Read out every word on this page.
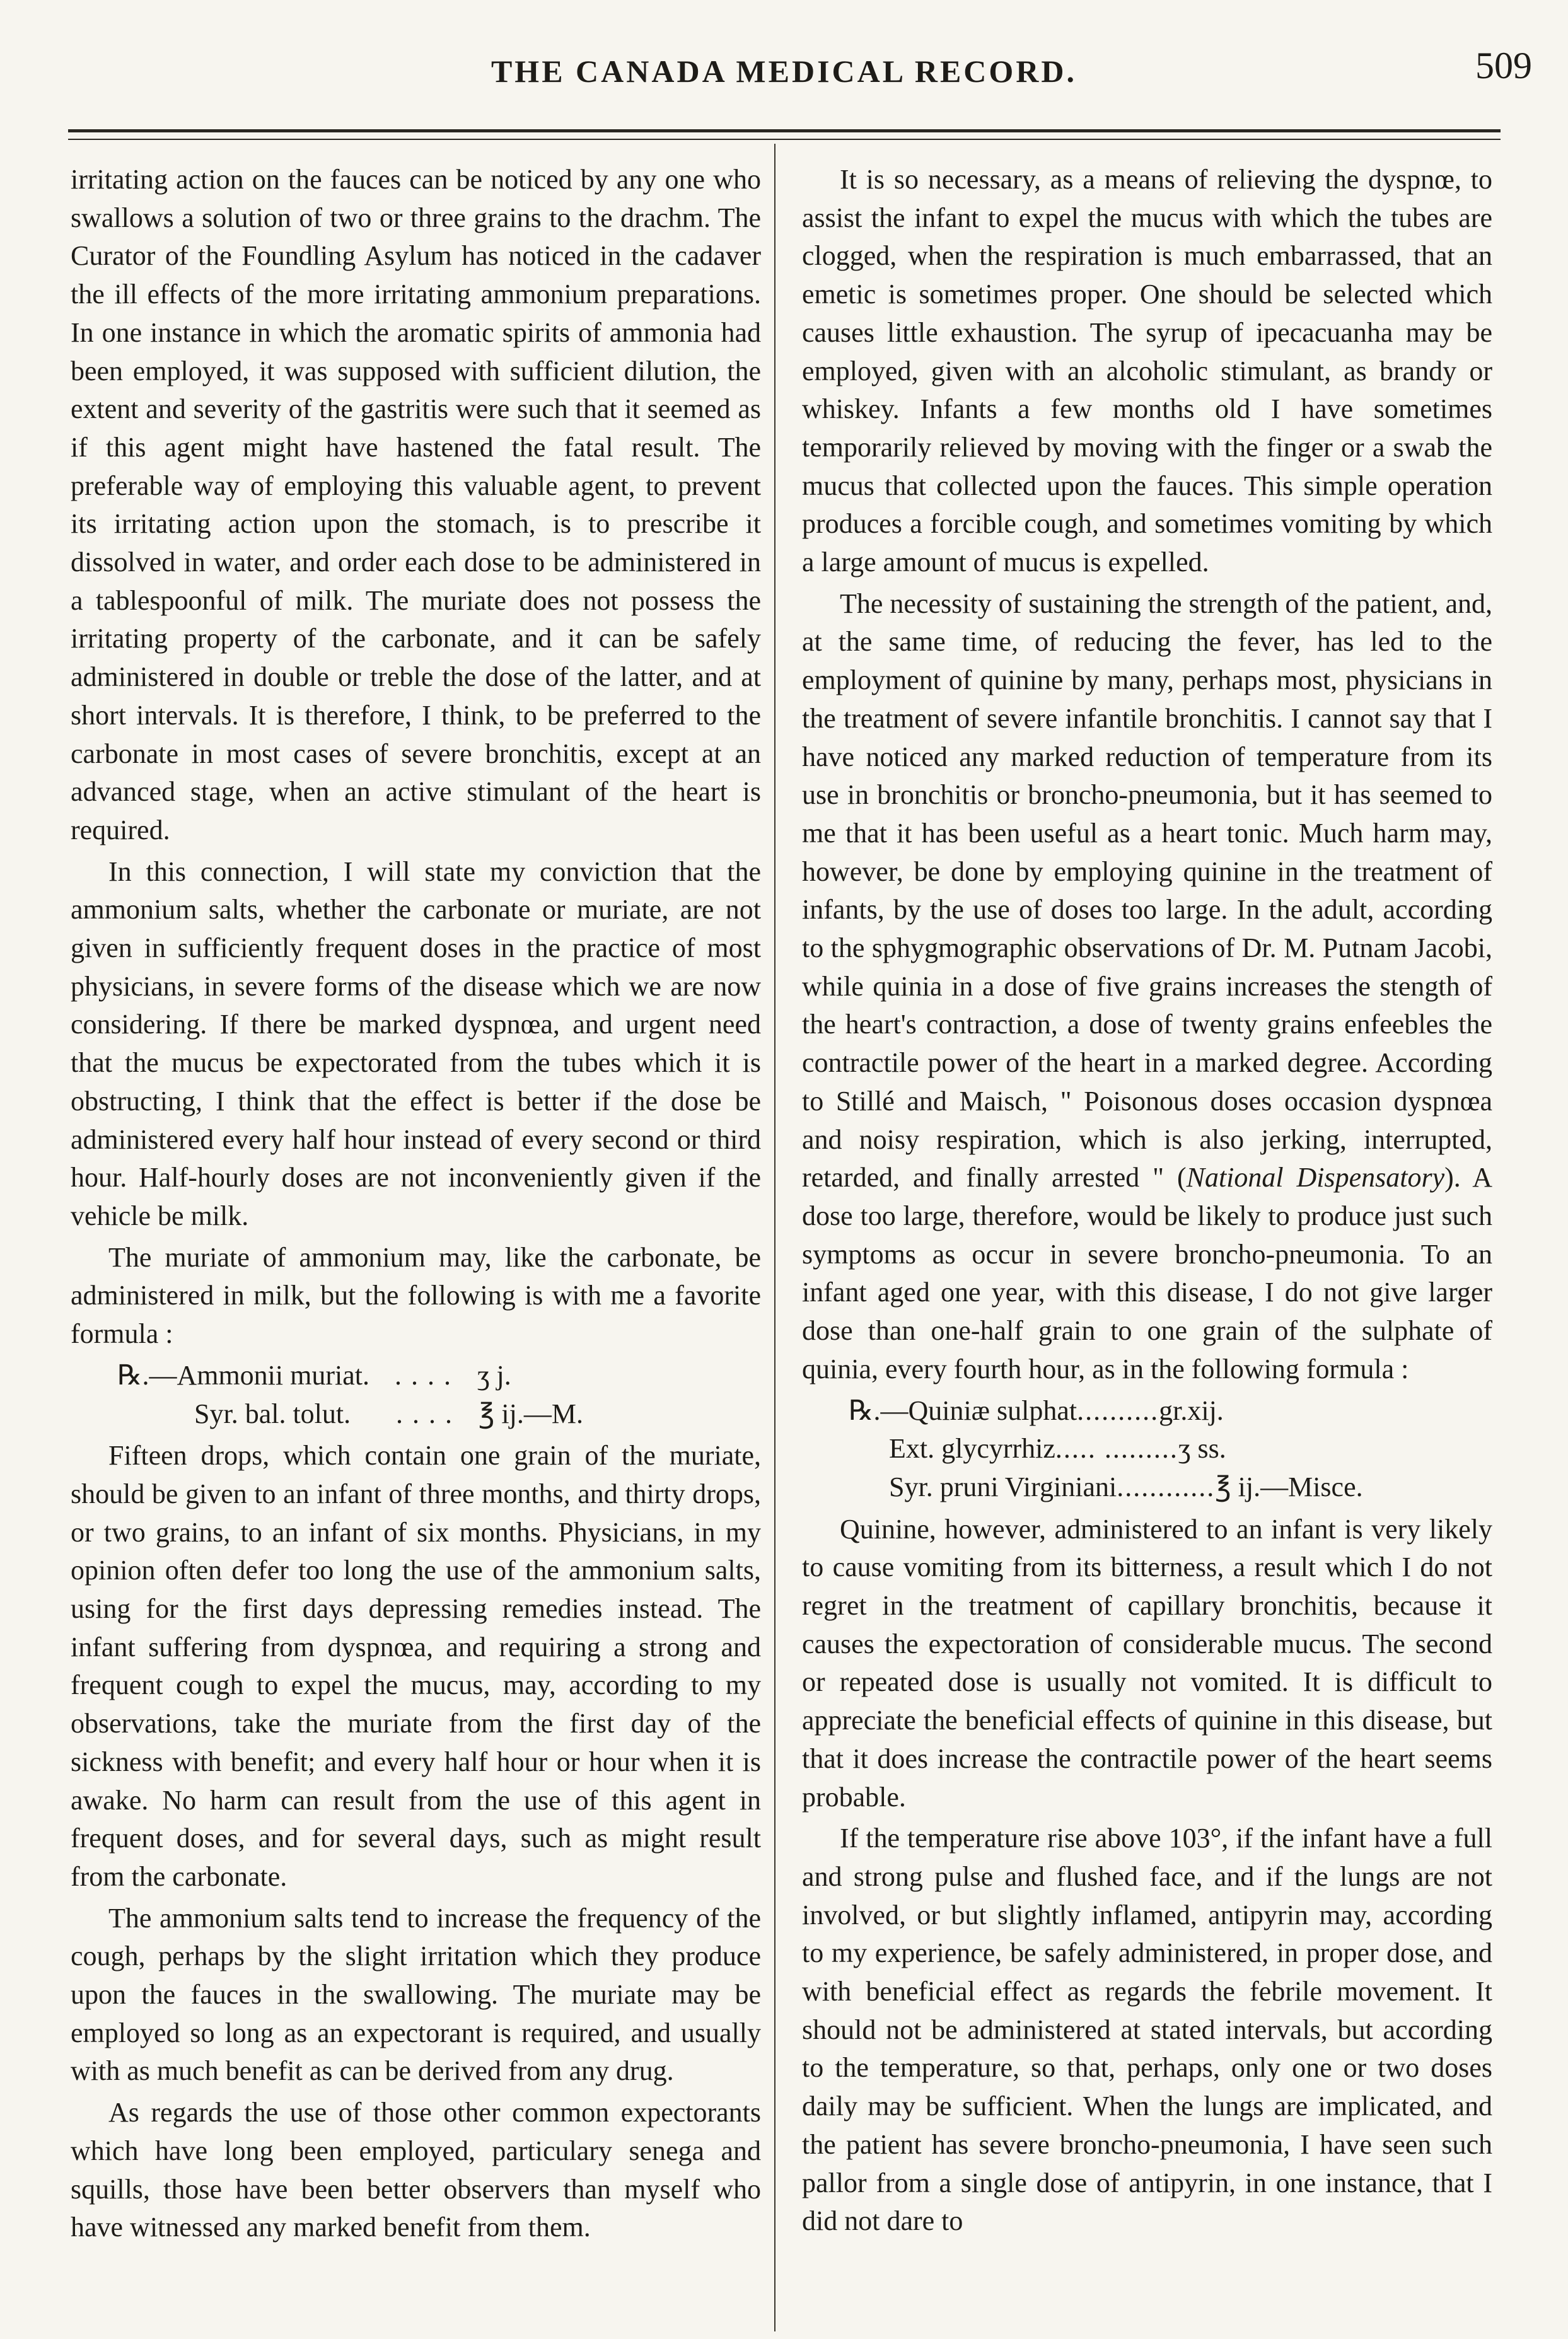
THE CANADA MEDICAL RECORD.	509

irritating action on the fauces can be noticed by any one who swallows a solution of two or three grains to the drachm. The Curator of the Foundling Asylum has noticed in the cadaver the ill effects of the more irritating ammonium preparations. In one instance in which the aromatic spirits of ammonia had been employed, it was supposed with sufficient dilution, the extent and severity of the gastritis were such that it seemed as if this agent might have hastened the fatal result. The preferable way of employing this valuable agent, to prevent its irritating action upon the stomach, is to prescribe it dissolved in water, and order each dose to be administered in a tablespoonful of milk. The muriate does not possess the irritating property of the carbonate, and it can be safely administered in double or treble the dose of the latter, and at short intervals. It is therefore, I think, to be preferred to the carbonate in most cases of severe bronchitis, except at an advanced stage, when an active stimulant of the heart is required.

In this connection, I will state my conviction that the ammonium salts, whether the carbonate or muriate, are not given in sufficiently frequent doses in the practice of most physicians, in severe forms of the disease which we are now considering. If there be marked dyspnœa, and urgent need that the mucus be expectorated from the tubes which it is obstructing, I think that the effect is better if the dose be administered every half hour instead of every second or third hour. Half-hourly doses are not inconveniently given if the vehicle be milk.

The muriate of ammonium may, like the carbonate, be administered in milk, but the following is with me a favorite formula :

℞.—Ammonii muriat. . . . . ʒ j.
Syr. bal. tolut.	. . . . ℥ ij.—M.

Fifteen drops, which contain one grain of the muriate, should be given to an infant of three months, and thirty drops, or two grains, to an infant of six months. Physicians, in my opinion often defer too long the use of the ammonium salts, using for the first days depressing remedies instead. The infant suffering from dyspnœa, and requiring a strong and frequent cough to expel the mucus, may, according to my observations, take the muriate from the first day of the sickness with benefit; and every half hour or hour when it is awake. No harm can result from the use of this agent in frequent doses, and for several days, such as might result from the carbonate.

The ammonium salts tend to increase the frequency of the cough, perhaps by the slight irritation which they produce upon the fauces in the swallowing. The muriate may be employed so long as an expectorant is required, and usually with as much benefit as can be derived from any drug.

As regards the use of those other common expectorants which have long been employed, particulary senega and squills, those have been better observers than myself who have witnessed any marked benefit from them.

It is so necessary, as a means of relieving the dyspnœ, to assist the infant to expel the mucus with which the tubes are clogged, when the respiration is much embarrassed, that an emetic is sometimes proper. One should be selected which causes little exhaustion. The syrup of ipecacuanha may be employed, given with an alcoholic stimulant, as brandy or whiskey. Infants a few months old I have sometimes temporarily relieved by moving with the finger or a swab the mucus that collected upon the fauces. This simple operation produces a forcible cough, and sometimes vomiting by which a large amount of mucus is expelled.

The necessity of sustaining the strength of the patient, and, at the same time, of reducing the fever, has led to the employment of quinine by many, perhaps most, physicians in the treatment of severe infantile bronchitis. I cannot say that I have noticed any marked reduction of temperature from its use in bronchitis or broncho-pneumonia, but it has seemed to me that it has been useful as a heart tonic. Much harm may, however, be done by employing quinine in the treatment of infants, by the use of doses too large. In the adult, according to the sphygmographic observations of Dr. M. Putnam Jacobi, while quinia in a dose of five grains increases the stength of the heart's contraction, a dose of twenty grains enfeebles the contractile power of the heart in a marked degree. According to Stillé and Maisch, " Poisonous doses occasion dyspnœa and noisy respiration, which is also jerking, interrupted, retarded, and finally arrested " (National Dispensatory). A dose too large, therefore, would be likely to produce just such symptoms as occur in severe broncho-pneumonia. To an infant aged one year, with this disease, I do not give larger dose than one-half grain to one grain of the sulphate of quinia, every fourth hour, as in the following formula :

℞.—Quiniæ sulphat .......... gr.xij.
Ext. glycyrrhiz ..... ......... ʒ ss.
Syr. pruni Virginiani ............ ℥ ij.—Misce.

Quinine, however, administered to an infant is very likely to cause vomiting from its bitterness, a result which I do not regret in the treatment of capillary bronchitis, because it causes the expectoration of considerable mucus. The second or repeated dose is usually not vomited. It is difficult to appreciate the beneficial effects of quinine in this disease, but that it does increase the contractile power of the heart seems probable.

If the temperature rise above 103°, if the infant have a full and strong pulse and flushed face, and if the lungs are not involved, or but slightly inflamed, antipyrin may, according to my experience, be safely administered, in proper dose, and with beneficial effect as regards the febrile movement. It should not be administered at stated intervals, but according to the temperature, so that, perhaps, only one or two doses daily may be sufficient. When the lungs are implicated, and the patient has severe broncho-pneumonia, I have seen such pallor from a single dose of antipyrin, in one instance, that I did not dare to
